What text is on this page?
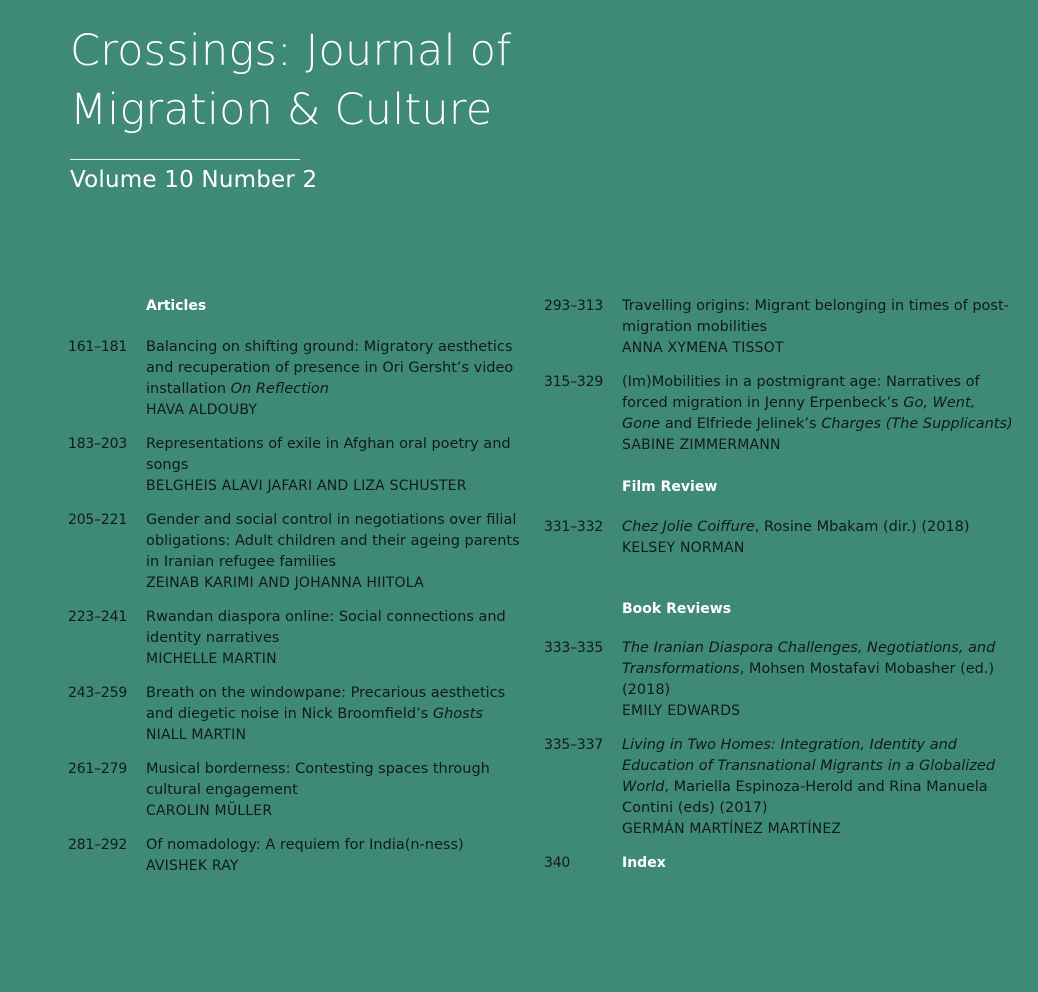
Crossings: Journal of
Migration & Culture
Volume 10 Number 2
Articles
161–181	Balancing on shifting ground: Migratory aesthetics and recuperation of presence in Ori Gersht’s video installation On Reflection
HAVA ALDOUBY
183–203	Representations of exile in Afghan oral poetry and songs
BELGHEIS ALAVI JAFARI AND LIZA SCHUSTER
205–221	Gender and social control in negotiations over filial obligations: Adult children and their ageing parents in Iranian refugee families
ZEINAB KARIMI AND JOHANNA HIITOLA
223–241	Rwandan diaspora online: Social connections and identity narratives
MICHELLE MARTIN
243–259	Breath on the windowpane: Precarious aesthetics and diegetic noise in Nick Broomfield’s Ghosts
NIALL MARTIN
261–279	Musical borderness: Contesting spaces through cultural engagement
CAROLIN MÜLLER
281–292	Of nomadology: A requiem for India(n-ness)
AVISHEK RAY
293–313	Travelling origins: Migrant belonging in times of post-migration mobilities
ANNA XYMENA TISSOT
315–329	(Im)Mobilities in a postmigrant age: Narratives of forced migration in Jenny Erpenbeck’s Go, Went, Gone and Elfriede Jelinek’s Charges (The Supplicants)
SABINE ZIMMERMANN
Film Review
331–332	Chez Jolie Coiffure, Rosine Mbakam (dir.) (2018)
KELSEY NORMAN
Book Reviews
333–335	The Iranian Diaspora Challenges, Negotiations, and Transformations, Mohsen Mostafavi Mobasher (ed.) (2018)
EMILY EDWARDS
335–337	Living in Two Homes: Integration, Identity and Education of Transnational Migrants in a Globalized World, Mariella Espinoza-Herold and Rina Manuela Contini (eds) (2017)
GERMÁN MARTÍNEZ MARTÍNEZ
340	Index
